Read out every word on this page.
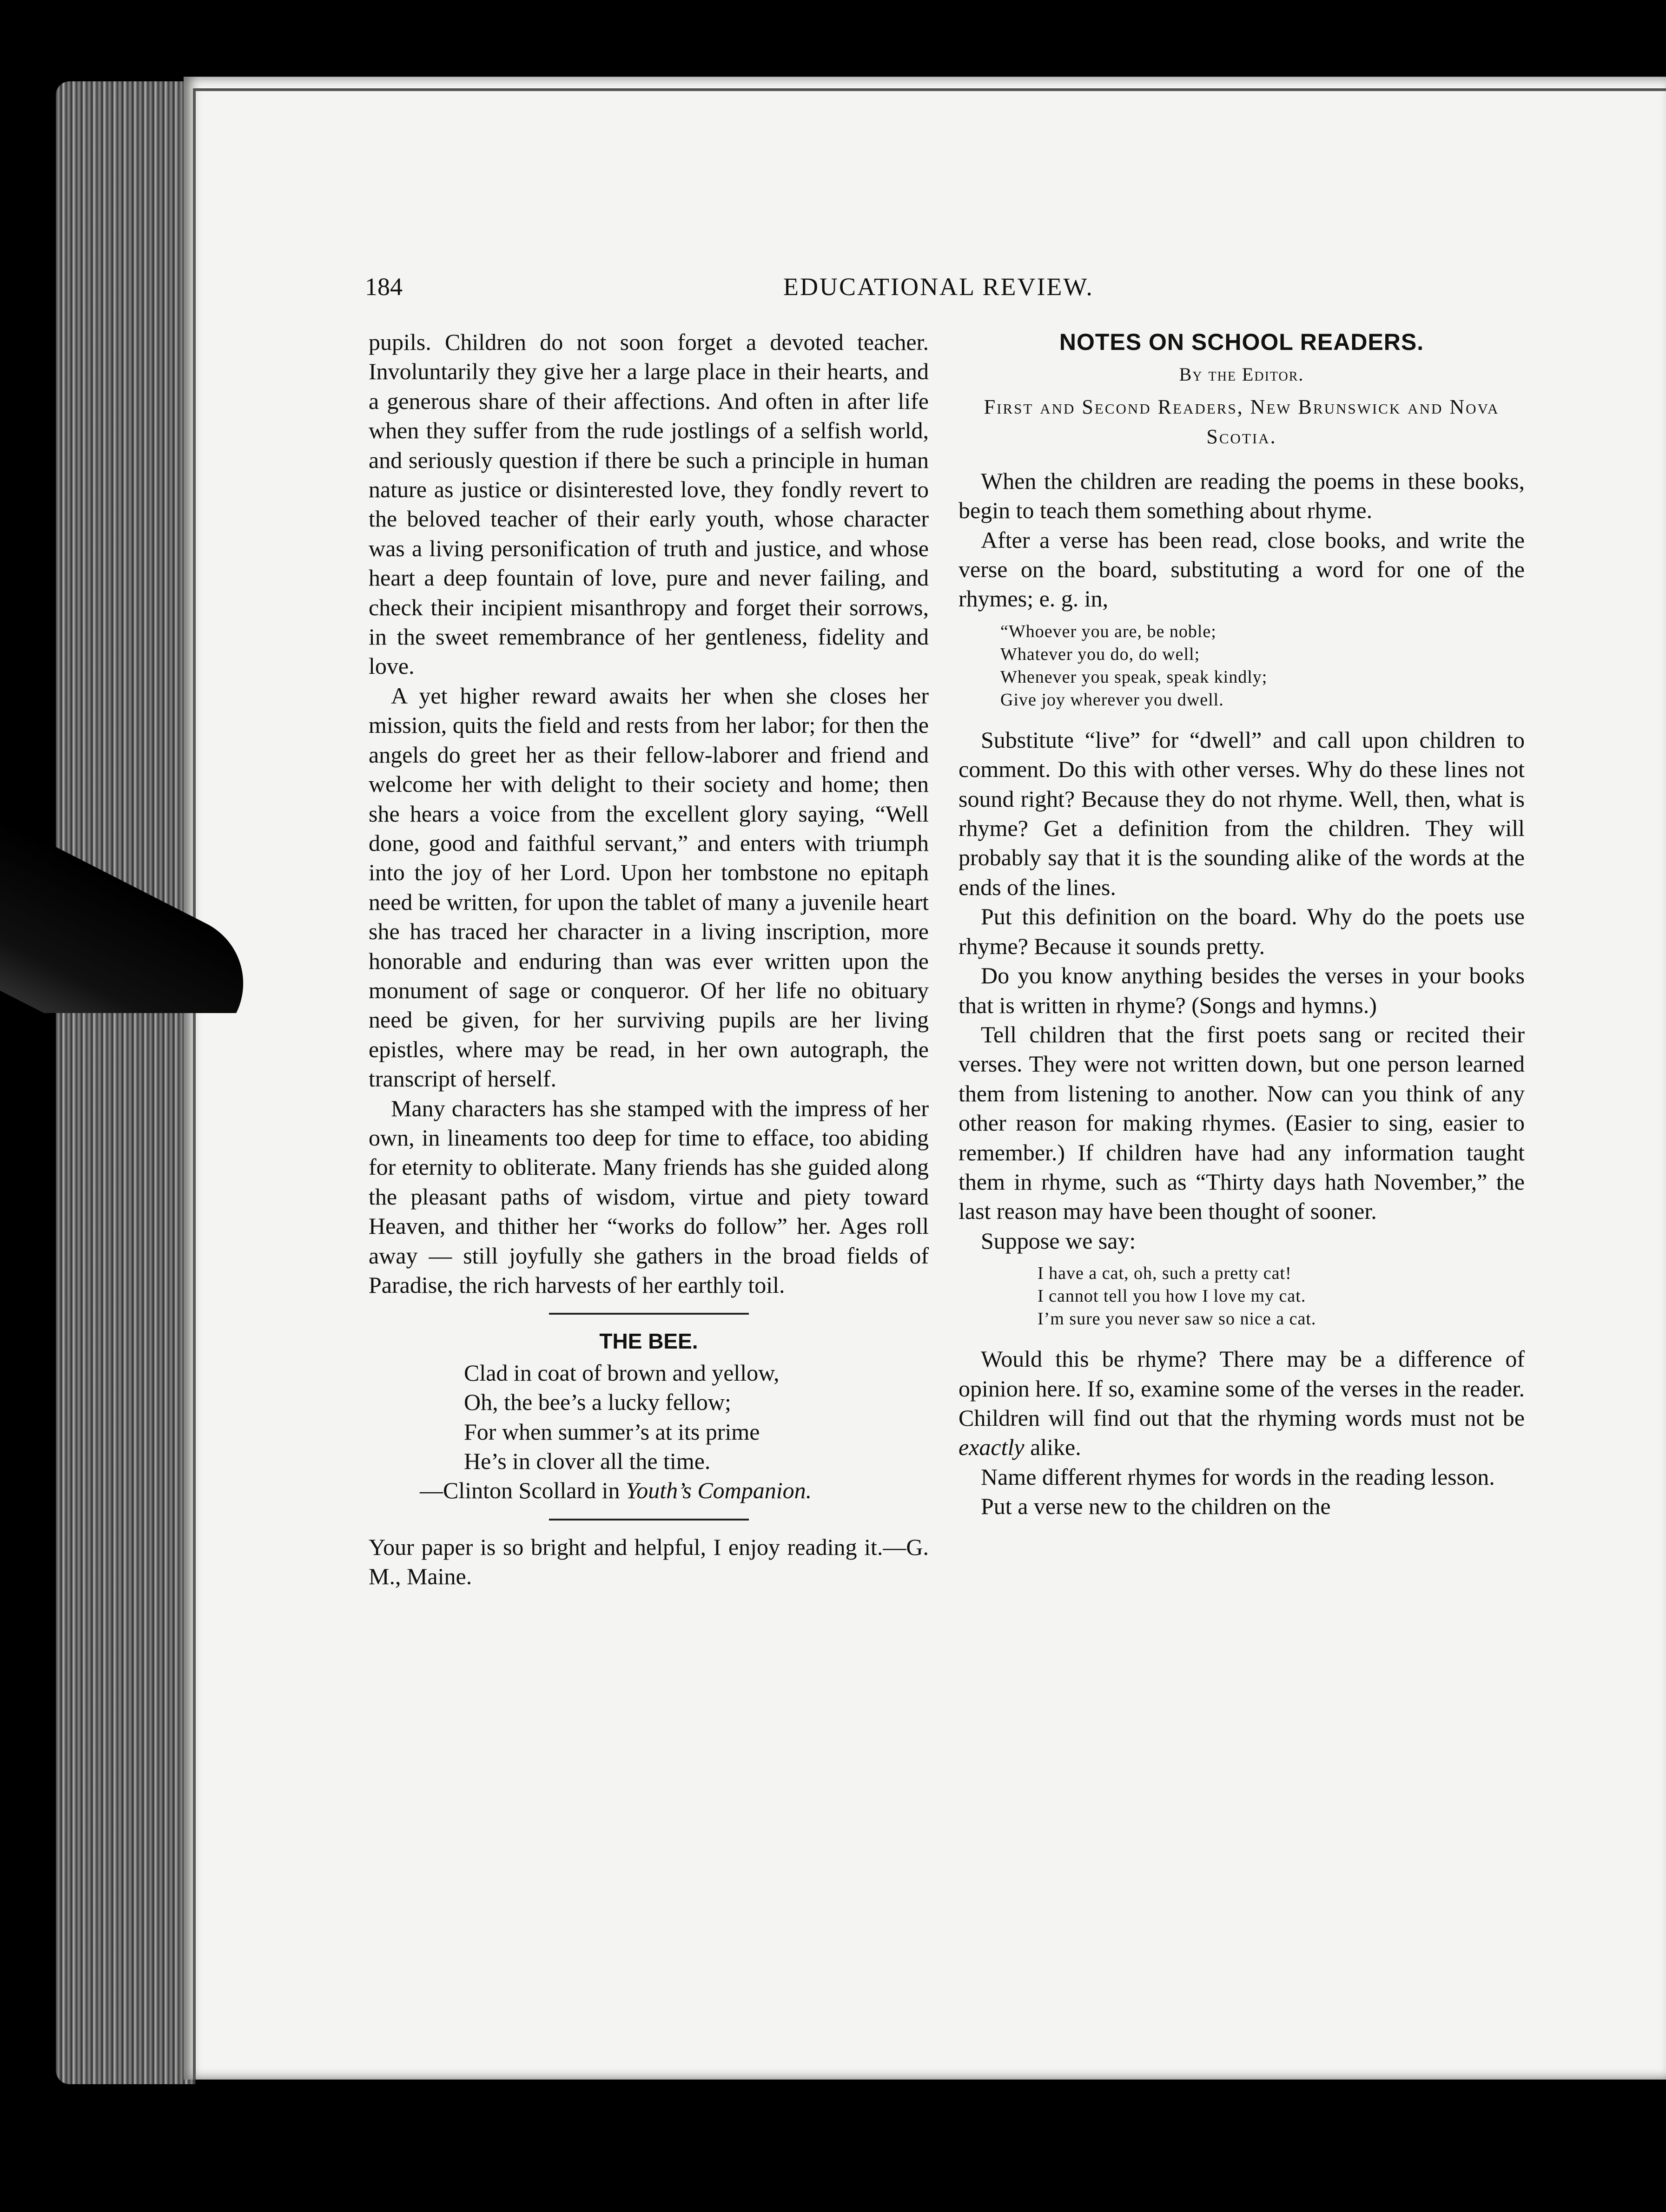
184	EDUCATIONAL REVIEW.

pupils. Children do not soon forget a devoted teacher. Involuntarily they give her a large place in their hearts, and a generous share of their affections. And often in after life when they suffer from the rude jostlings of a selfish world, and seriously question if there be such a principle in human nature as justice or disinterested love, they fondly revert to the beloved teacher of their early youth, whose character was a living personification of truth and justice, and whose heart a deep fountain of love, pure and never failing, and check their incipient misanthropy and forget their sorrows, in the sweet remembrance of her gentleness, fidelity and love.

A yet higher reward awaits her when she closes her mission, quits the field and rests from her labor; for then the angels do greet her as their fellow-laborer and friend and welcome her with delight to their society and home; then she hears a voice from the excellent glory saying, “Well done, good and faithful servant,” and enters with triumph into the joy of her Lord. Upon her tombstone no epitaph need be written, for upon the tablet of many a juvenile heart she has traced her character in a living inscription, more honorable and enduring than was ever written upon the monument of sage or conqueror. Of her life no obituary need be given, for her surviving pupils are her living epistles, where may be read, in her own autograph, the transcript of herself.

Many characters has she stamped with the impress of her own, in lineaments too deep for time to efface, too abiding for eternity to obliterate. Many friends has she guided along the pleasant paths of wisdom, virtue and piety toward Heaven, and thither her “works do follow” her. Ages roll away — still joyfully she gathers in the broad fields of Paradise, the rich harvests of her earthly toil.

THE BEE.
Clad in coat of brown and yellow,
Oh, the bee’s a lucky fellow;
For when summer’s at its prime
He’s in clover all the time.
—Clinton Scollard in Youth’s Companion.

Your paper is so bright and helpful, I enjoy reading it.—G. M., Maine.

NOTES ON SCHOOL READERS.
By the Editor.
First and Second Readers, New Brunswick and Nova Scotia.

When the children are reading the poems in these books, begin to teach them something about rhyme.

After a verse has been read, close books, and write the verse on the board, substituting a word for one of the rhymes; e. g. in,

“Whoever you are, be noble;
Whatever you do, do well;
Whenever you speak, speak kindly;
Give joy wherever you dwell.

Substitute “live” for “dwell” and call upon children to comment. Do this with other verses. Why do these lines not sound right? Because they do not rhyme. Well, then, what is rhyme? Get a definition from the children. They will probably say that it is the sounding alike of the words at the ends of the lines.

Put this definition on the board. Why do the poets use rhyme? Because it sounds pretty.

Do you know anything besides the verses in your books that is written in rhyme? (Songs and hymns.)

Tell children that the first poets sang or recited their verses. They were not written down, but one person learned them from listening to another. Now can you think of any other reason for making rhymes. (Easier to sing, easier to remember.) If children have had any information taught them in rhyme, such as “Thirty days hath November,” the last reason may have been thought of sooner.

Suppose we say:

I have a cat, oh, such a pretty cat!
I cannot tell you how I love my cat.
I’m sure you never saw so nice a cat.

Would this be rhyme? There may be a difference of opinion here. If so, examine some of the verses in the reader. Children will find out that the rhyming words must not be exactly alike.

Name different rhymes for words in the reading lesson.

Put a verse new to the children on the
